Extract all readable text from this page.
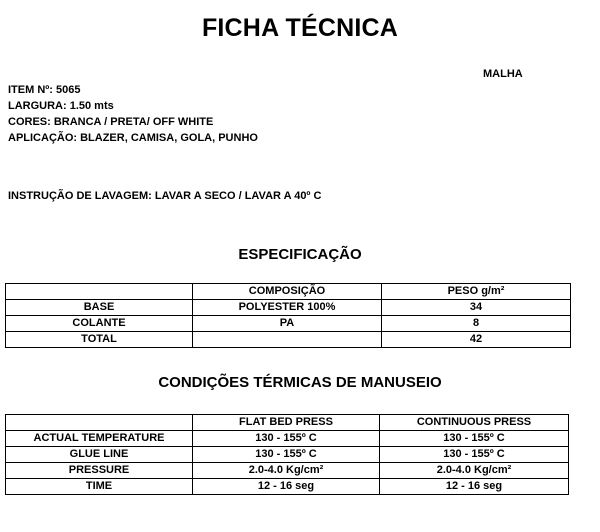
FICHA TÉCNICA
MALHA
ITEM Nº: 5065
LARGURA: 1.50 mts
CORES: BRANCA / PRETA/ OFF WHITE
APLICAÇÃO: BLAZER, CAMISA, GOLA, PUNHO
INSTRUÇÃO DE LAVAGEM: LAVAR A SECO / LAVAR A 40º C
ESPECIFICAÇÃO
	COMPOSIÇÃO	PESO g/m²
BASE	POLYESTER 100%	34
COLANTE	PA	8
TOTAL		42
CONDIÇÕES TÉRMICAS DE MANUSEIO
	FLAT BED PRESS	CONTINUOUS PRESS
ACTUAL TEMPERATURE	130 - 155º C	130 - 155º C
GLUE LINE	130 - 155º C	130 - 155º C
PRESSURE	2.0-4.0 Kg/cm²	2.0-4.0 Kg/cm²
TIME	12 - 16 seg	12 - 16 seg
